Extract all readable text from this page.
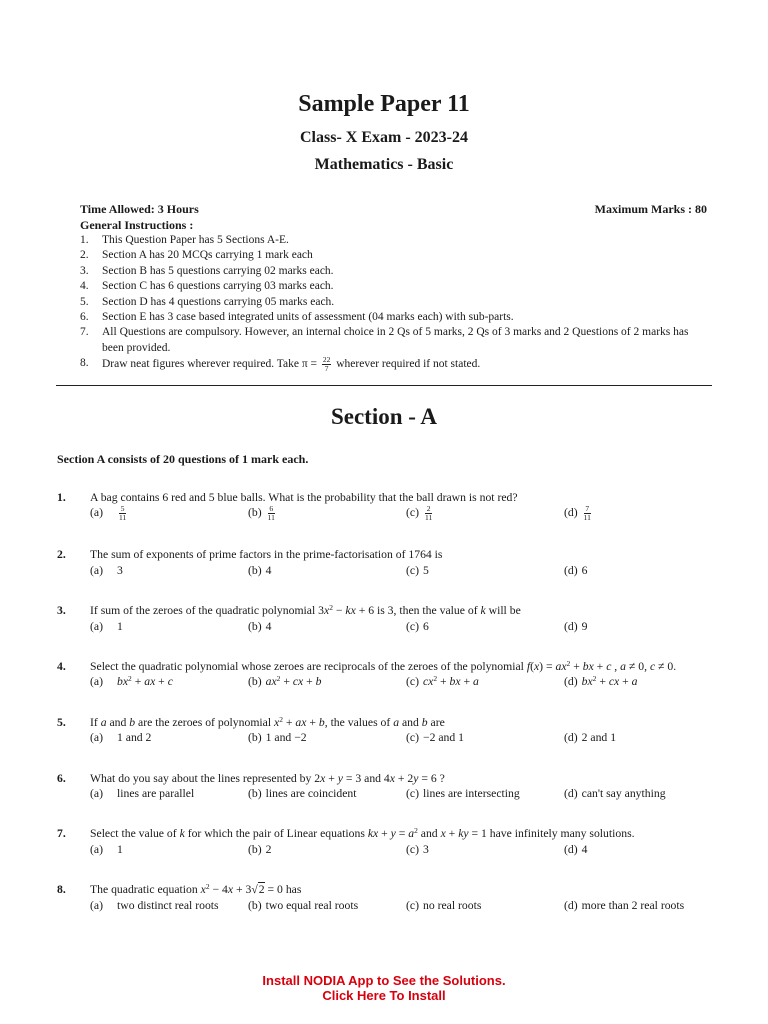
Sample Paper 11
Class- X Exam - 2023-24
Mathematics - Basic
Time Allowed: 3 Hours	Maximum Marks : 80
General Instructions :
1.	This Question Paper has 5 Sections A-E.
2.	Section A has 20 MCQs carrying 1 mark each
3.	Section B has 5 questions carrying 02 marks each.
4.	Section C has 6 questions carrying 03 marks each.
5.	Section D has 4 questions carrying 05 marks each.
6.	Section E has 3 case based integrated units of assessment (04 marks each) with sub-parts.
7.	All Questions are compulsory. However, an internal choice in 2 Qs of 5 marks, 2 Qs of 3 marks and 2 Questions of 2 marks has been provided.
8.	Draw neat figures wherever required. Take $\pi = \frac{22}{7}$ wherever required if not stated.
Section - A
Section A consists of 20 questions of 1 mark each.
1. A bag contains 6 red and 5 blue balls. What is the probability that the ball drawn is not red?
(a)	$\frac{5}{11}$	$(b) \frac{6}{11}$	$(c) \frac{2}{11}$	$(d) \frac{7}{11}$
2. The sum of exponents of prime factors in the prime-factorisation of 1764 is
(a)	3	(b) 4	(c) 5	(d) 6
3. If sum of the zeroes of the quadratic polynomial $3x^2$ − kx + 6 is 3, then the value of k will be
(a)	1	(b) 4	(c) 6	(d) 9
4. Select the quadratic polynomial whose zeroes are reciprocals of the zeroes of the polynomial $f(x) = ax^2$ + bx + c , a ≠ 0, c ≠ 0.
(a)	$bx^2$ + ax + c	(b) $ax^2$ + cx + b	(c) $cx^2$ + bx + a	(d) $bx^2$ + cx + a
5. If a and b are the zeroes of polynomial $x^2$ + ax + b, the values of a and b are
(a)	1 and 2	(b) 1 and −2	(c) −2 and 1	(d) 2 and 1
6. What do you say about the lines represented by 2x + y = 3 and 4x + 2y = 6 ?
(a)	lines are parallel	(b) lines are coincident	(c) lines are intersecting	(d) can't say anything
7. Select the value of k for which the pair of Linear equations kx + $y = a^2$ and x + ky = 1 have infinitely many solutions.
(a)	1	(b) 2	(c) 3	(d) 4
8. The quadratic equation $x^2 - 4x + 3√2 = 0$ has
(a)	two distinct real roots	(b) two equal real roots	(c) no real roots	(d) more than 2 real roots
Install NODIA App to See the Solutions.
Click Here To Install
